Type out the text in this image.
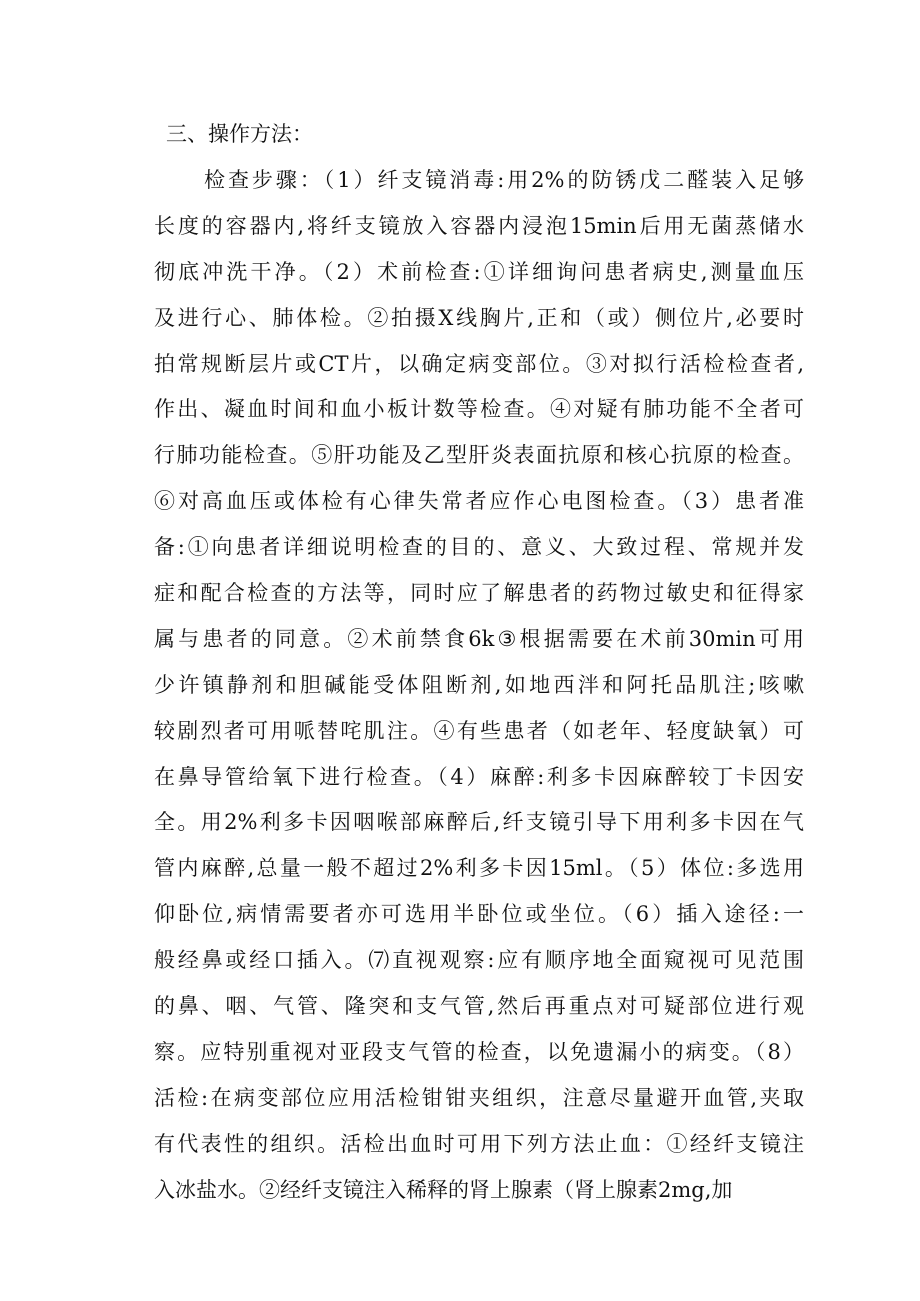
三、操作方法：
检查步骤：（1）纤支镜消毒:用2%的防锈戊二醛装入足够
长度的容器内,将纤支镜放入容器内浸泡15min后用无菌蒸储水
彻底冲洗干净。（2）术前检查:①详细询问患者病史,测量血压
及进行心、肺体检。②拍摄X线胸片,正和（或）侧位片,必要时
拍常规断层片或CT片，以确定病变部位。③对拟行活检检查者,
作出、凝血时间和血小板计数等检查。④对疑有肺功能不全者可
行肺功能检查。⑤肝功能及乙型肝炎表面抗原和核心抗原的检查。
⑥对高血压或体检有心律失常者应作心电图检查。（3）患者准
备:①向患者详细说明检查的目的、意义、大致过程、常规并发
症和配合检查的方法等，同时应了解患者的药物过敏史和征得家
属与患者的同意。②术前禁食6k③根据需要在术前30min可用
少许镇静剂和胆碱能受体阻断剂,如地西泮和阿托品肌注;咳嗽
较剧烈者可用哌替咤肌注。④有些患者（如老年、轻度缺氧）可
在鼻导管给氧下进行检查。（4）麻醉:利多卡因麻醉较丁卡因安
全。用2%利多卡因咽喉部麻醉后,纤支镜引导下用利多卡因在气
管内麻醉,总量一般不超过2%利多卡因15ml。（5）体位:多选用
仰卧位,病情需要者亦可选用半卧位或坐位。（6）插入途径:一
般经鼻或经口插入。⑺直视观察:应有顺序地全面窥视可见范围
的鼻、咽、气管、隆突和支气管,然后再重点对可疑部位进行观
察。应特别重视对亚段支气管的检查，以免遗漏小的病变。（8）
活检:在病变部位应用活检钳钳夹组织，注意尽量避开血管,夹取
有代表性的组织。活检出血时可用下列方法止血：①经纤支镜注
入冰盐水。②经纤支镜注入稀释的肾上腺素（肾上腺素2mg,加
